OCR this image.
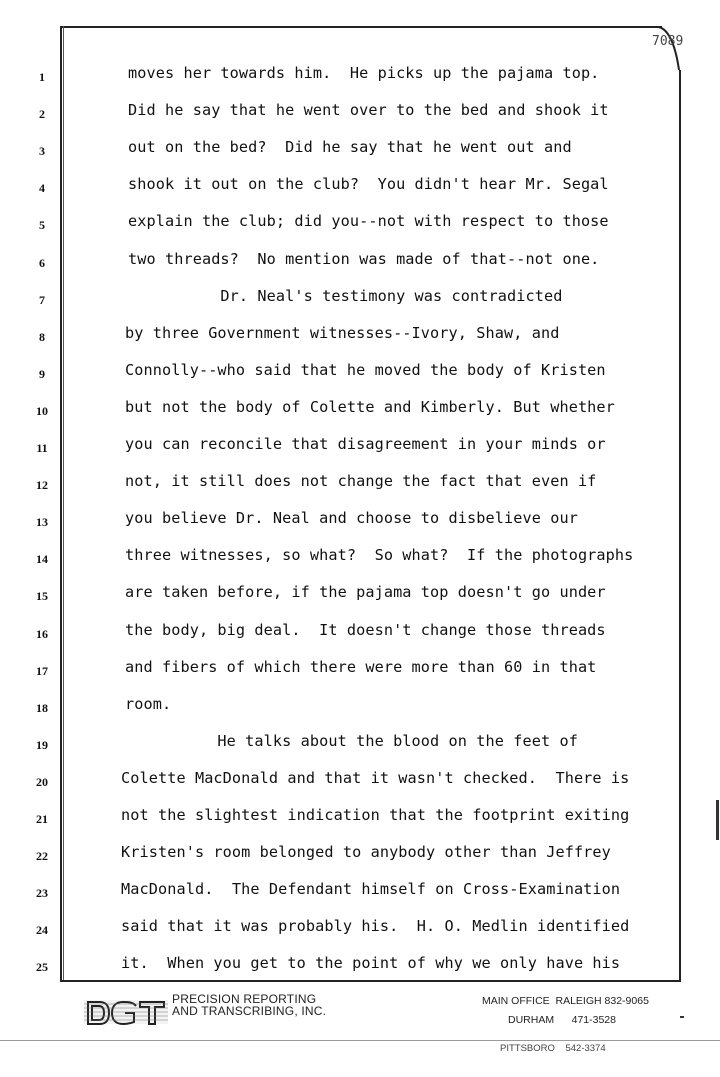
7089
1	moves her towards him.  He picks up the pajama top.
2	Did he say that he went over to the bed and shook it
3	out on the bed?  Did he say that he went out and
4	shook it out on the club?  You didn't hear Mr. Segal
5	explain the club; did you--not with respect to those
6	two threads?  No mention was made of that--not one.
7	Dr. Neal's testimony was contradicted
8	by three Government witnesses--Ivory, Shaw, and
9	Connolly--who said that he moved the body of Kristen
10	but not the body of Colette and Kimberly. But whether
11	you can reconcile that disagreement in your minds or
12	not, it still does not change the fact that even if
13	you believe Dr. Neal and choose to disbelieve our
14	three witnesses, so what?  So what?  If the photographs
15	are taken before, if the pajama top doesn't go under
16	the body, big deal.  It doesn't change those threads
17	and fibers of which there were more than 60 in that
18	room.
19	He talks about the blood on the feet of
20	Colette MacDonald and that it wasn't checked.  There is
21	not the slightest indication that the footprint exiting
22	Kristen's room belonged to anybody other than Jeffrey
23	MacDonald.  The Defendant himself on Cross-Examination
24	said that it was probably his.  H. O. Medlin identified
25	it.  When you get to the point of why we only have his
DGT	PRECISION REPORTING
AND TRANSCRIBING, INC.
MAIN OFFICE  RALEIGH 832-9065
DURHAM 471-3528
PITTSBORO 542-3374
